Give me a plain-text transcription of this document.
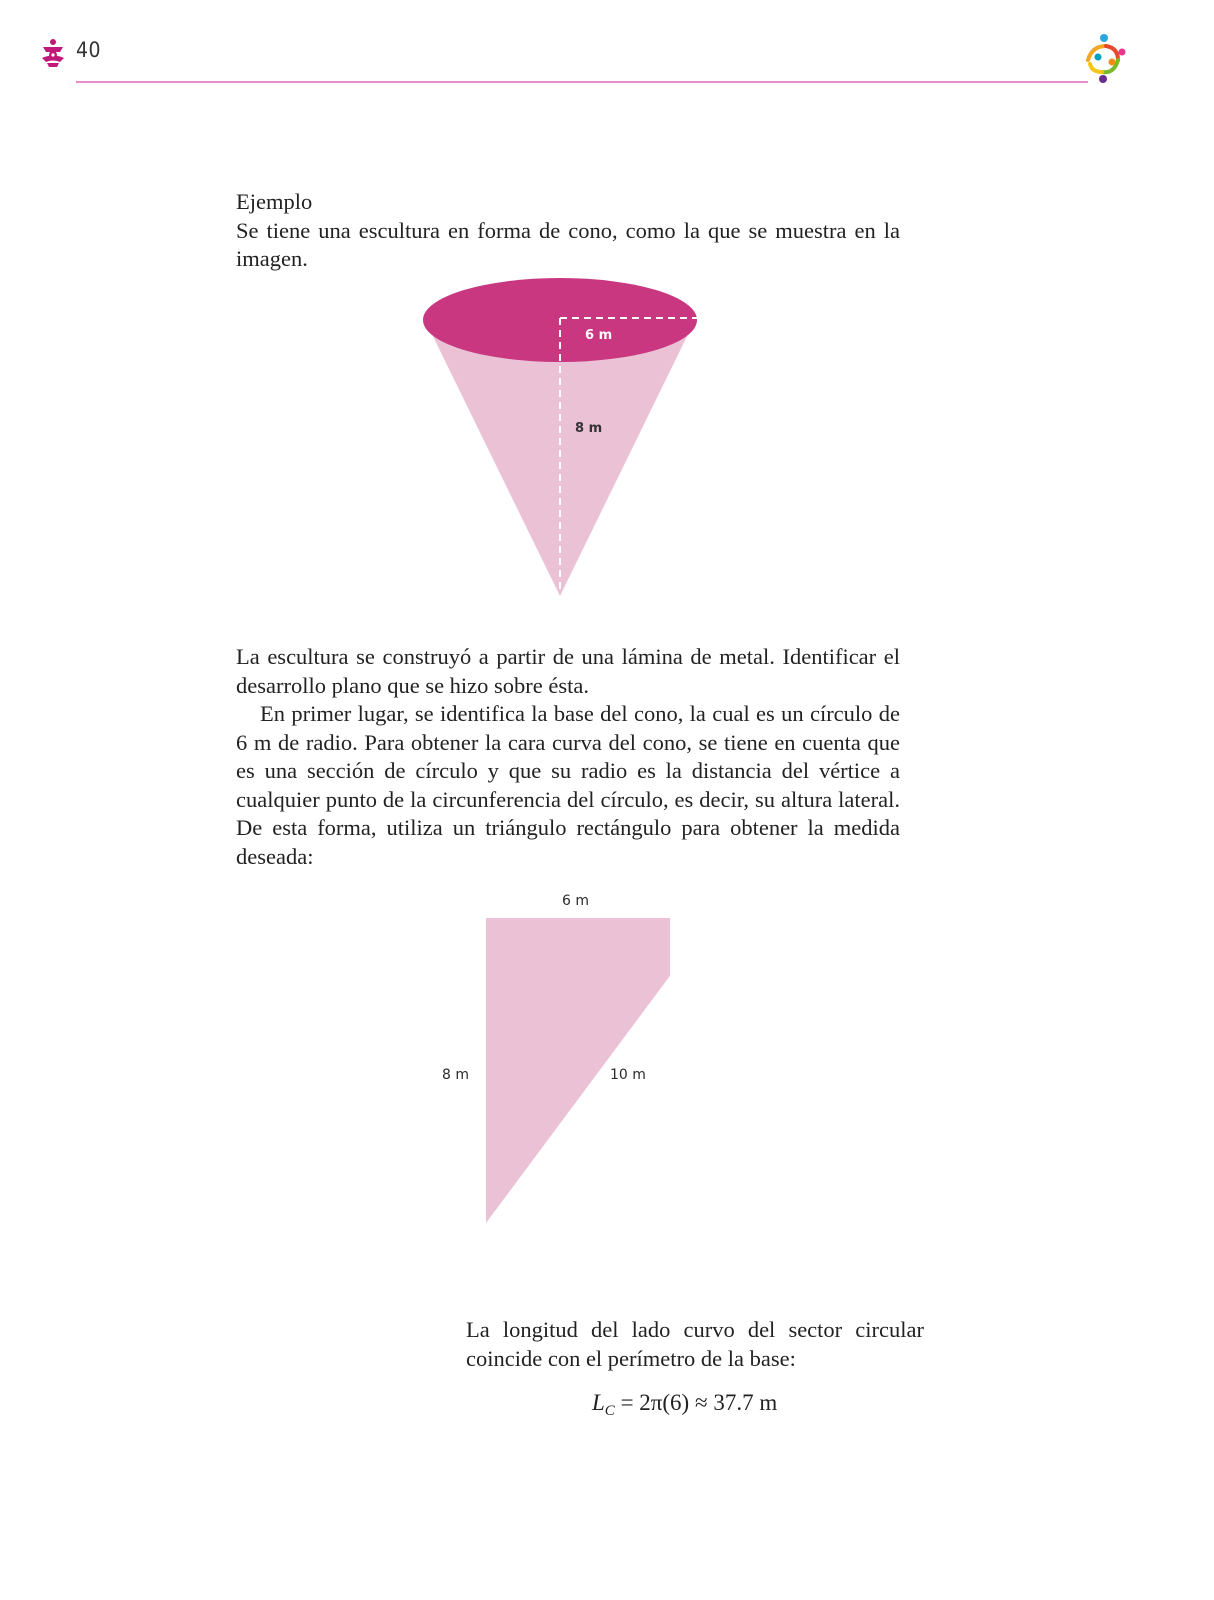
40

Ejemplo

Se tiene una escultura en forma de cono, como la que se muestra en la imagen.

6 m
8 m

La escultura se construyó a partir de una lámina de metal. Identificar el desarrollo plano que se hizo sobre ésta.

En primer lugar, se identifica la base del cono, la cual es un círculo de 6 m de radio. Para obtener la cara curva del cono, se tiene en cuenta que es una sección de círculo y que su radio es la distancia del vértice a cualquier punto de la circunferencia del círculo, es decir, su altura lateral. De esta forma, utiliza un triángulo rectángulo para obtener la medida deseada:

6 m
8 m	10 m

La longitud del lado curvo del sector circular coincide con el perímetro de la base:

$L_C = 2\pi(6) \approx 37.7$ m
